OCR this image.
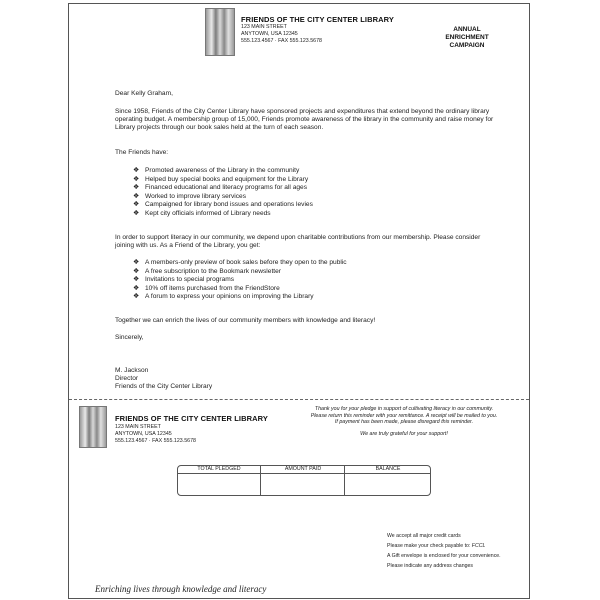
FRIENDS OF THE CITY CENTER LIBRARY
123 MAIN STREET
ANYTOWN, USA 12345
555.123.4567 · FAX 555.123.5678
ANNUAL
ENRICHMENT
CAMPAIGN

Dear Kelly Graham,

Since 1958, Friends of the City Center Library have sponsored projects and expenditures that extend beyond the ordinary library operating budget. A membership group of 15,000, Friends promote awareness of the library in the community and raise money for Library projects through our book sales held at the turn of each season.

The Friends have:

❖ Promoted awareness of the Library in the community
❖ Helped buy special books and equipment for the Library
❖ Financed educational and literacy programs for all ages
❖ Worked to improve library services
❖ Campaigned for library bond issues and operations levies
❖ Kept city officials informed of Library needs

In order to support literacy in our community, we depend upon charitable contributions from our membership. Please consider joining with us. As a Friend of the Library, you get:

❖ A members-only preview of book sales before they open to the public
❖ A free subscription to the Bookmark newsletter
❖ Invitations to special programs
❖ 10% off items purchased from the FriendStore
❖ A forum to express your opinions on improving the Library

Together we can enrich the lives of our community members with knowledge and literacy!

Sincerely,

M. Jackson

Director

Friends of the City Center Library

FRIENDS OF THE CITY CENTER LIBRARY
123 MAIN STREET
ANYTOWN, USA 12345
555.123.4567 · FAX 555.123.5678
Thank you for your pledge in support of cultivating literacy in our community.
Please return this reminder with your remittance. A receipt will be mailed to you.
If payment has been made, please disregard this reminder.
We are truly grateful for your support!
TOTAL PLEDGED	AMOUNT PAID	BALANCE
We accept all major credit cards
Please make your check payable to: FCCL
A Gift envelope is enclosed for your convenience.
Please indicate any address changes
Enriching lives through knowledge and literacy
